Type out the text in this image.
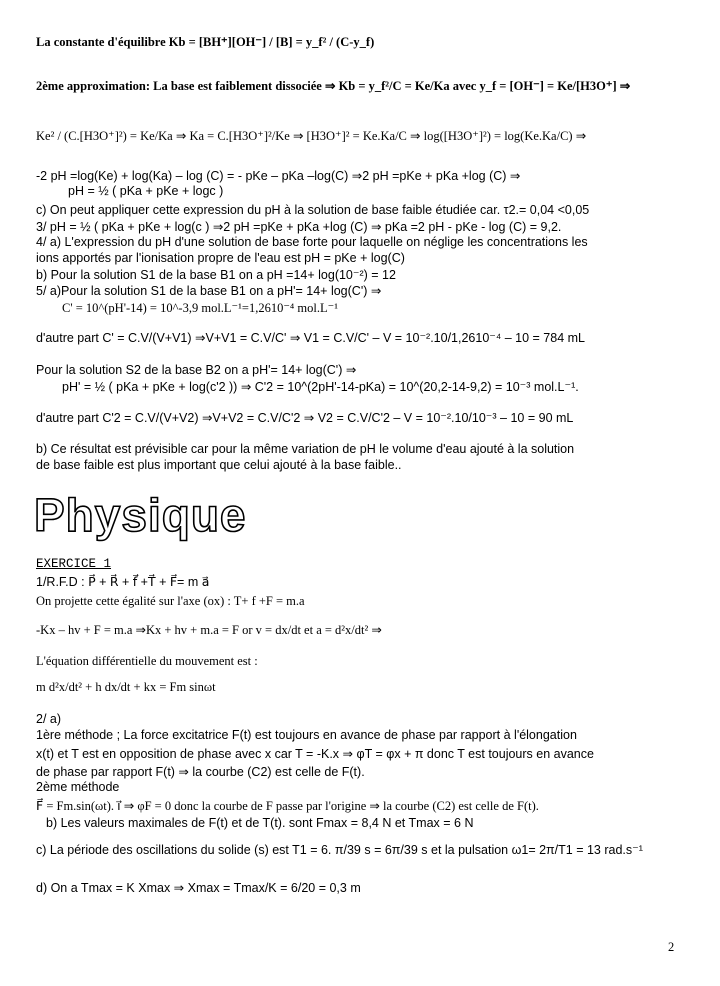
La constante d'équilibre Kb = [BH⁺][OH⁻] / [B] = y_f² / (C-y_f)
2ème approximation: La base est faiblement dissociée ⇒ Kb = y_f²/C = Ke/Ka avec y_f = [OH⁻] = Ke/[H3O⁺] ⇒
Ke² / (C.[H3O⁺]²) = Ke/Ka ⇒ Ka = C.[H3O⁺]²/Ke ⇒ [H3O⁺]² = Ke.Ka/C ⇒ log([H3O⁺]²) = log(Ke.Ka/C) ⇒
-2 pH =log(Ke) + log(Ka) – log (C) = - pKe – pKa –log(C) ⇒2 pH =pKe + pKa +log (C) ⇒
pH = ½ ( pKa + pKe + logc )
c) On peut appliquer cette expression du pH à la solution de base faible étudiée car. τ2.= 0,04 <0,05
3/ pH = ½ ( pKa + pKe + log(c ) ⇒2 pH =pKe + pKa +log (C) ⇒ pKa =2 pH - pKe - log (C) = 9,2.
4/ a) L'expression du pH d'une solution de base forte pour laquelle on néglige les concentrations les
ions apportés par l'ionisation propre de l'eau est pH = pKe + log(C)
b) Pour la solution S1 de la base B1 on a pH =14+ log(10⁻²) = 12
5/ a)Pour la solution S1 de la base B1 on a pH'= 14+ log(C') ⇒
C' = 10^(pH'-14) = 10^-3,9 mol.L⁻¹=1,2610⁻⁴ mol.L⁻¹
d'autre part C' = C.V/(V+V1) ⇒V+V1 = C.V/C' ⇒ V1 = C.V/C' – V = 10⁻².10/1,2610⁻⁴ – 10 = 784 mL
Pour la solution S2 de la base B2 on a pH'= 14+ log(C') ⇒
pH' = ½ ( pKa + pKe + log(c'2 )) ⇒ C'2 = 10^(2pH'-14-pKa) = 10^(20,2-14-9,2) = 10⁻³ mol.L⁻¹.
d'autre part C'2 = C.V/(V+V2) ⇒V+V2 = C.V/C'2 ⇒ V2 = C.V/C'2 – V = 10⁻².10/10⁻³ – 10 = 90 mL
b) Ce résultat est prévisible car pour la même variation de pH le volume d'eau ajouté à la solution
de base faible est plus important que celui ajouté à la base faible..
Physique
EXERCICE 1
1/R.F.D : P⃗ + R⃗ + f⃗ +T⃗ + F⃗= m a⃗
On projette cette égalité sur l'axe (ox) : T+ f +F = m.a
-Kx – hv + F = m.a ⇒Kx + hv + m.a = F or v = dx/dt et a = d²x/dt² ⇒
L'équation différentielle du mouvement est :
m d²x/dt² + h dx/dt + kx = Fm sinωt
2/ a)
1ère méthode ; La force excitatrice F(t) est toujours en avance de phase par rapport à l'élongation
x(t) et T est en opposition de phase avec x car T = -K.x ⇒ φT = φx + π donc T est toujours en avance
de phase par rapport F(t) ⇒ la courbe (C2) est celle de F(t).
2ème méthode
F⃗ = Fm.sin(ωt). i⃗ ⇒ φF = 0 donc la courbe de F passe par l'origine ⇒ la courbe (C2) est celle de F(t).
b) Les valeurs maximales de F(t) et de T(t). sont Fmax = 8,4 N et Tmax = 6 N
c) La période des oscillations du solide (s) est T1 = 6. π/39 s = 6π/39 s et la pulsation ω1= 2π/T1 = 13 rad.s⁻¹
d) On a Tmax = K Xmax ⇒ Xmax = Tmax/K = 6/20 = 0,3 m
2
